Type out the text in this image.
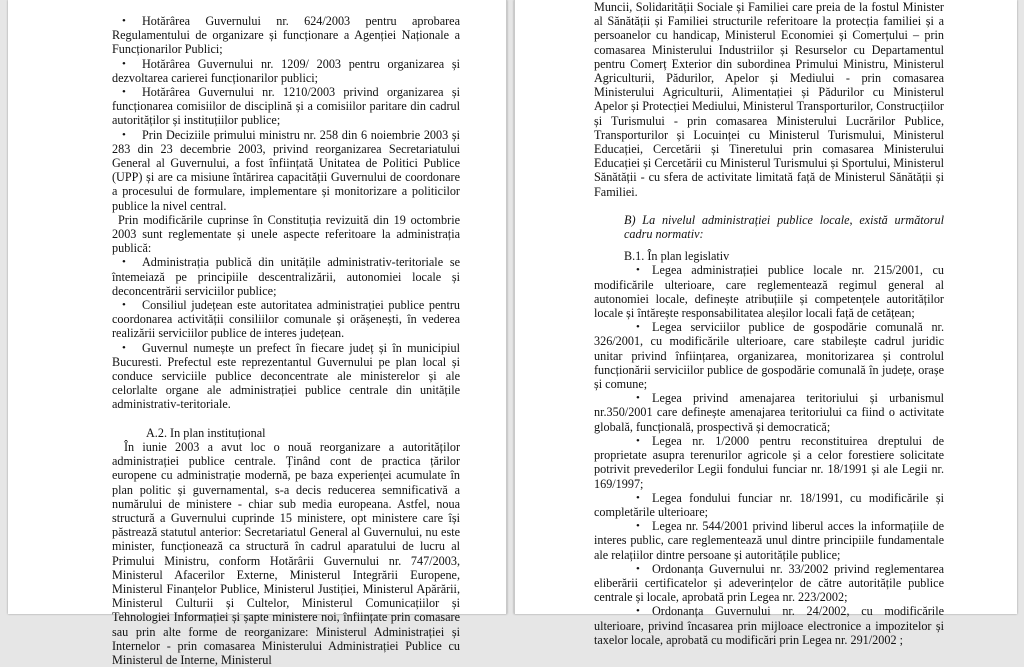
•	Hotărârea Guvernului nr. 624/2003 pentru aprobarea Regulamentului de organizare și funcționare a Agenției Naționale a Funcționarilor Publici;
•	Hotărârea Guvernului nr. 1209/ 2003 pentru organizarea și dezvoltarea carierei funcționarilor publici;
•	Hotărârea Guvernului nr. 1210/2003 privind organizarea și funcționarea comisiilor de disciplină și a comisiilor paritare din cadrul autorităților și instituțiilor publice;
•	Prin Deciziile primului ministru nr. 258 din 6 noiembrie 2003 și 283 din 23 decembrie 2003, privind reorganizarea Secretariatului General al Guvernului, a fost înființată Unitatea de Politici Publice (UPP) și are ca misiune întărirea capacității Guvernului de coordonare a procesului de formulare, implementare și monitorizare a politicilor publice la nivel central.

Prin modificările cuprinse în Constituția revizuită din 19 octombrie 2003 sunt reglementate și unele aspecte referitoare la administrația publică:

•	Administrația publică din unitățile administrativ-teritoriale se întemeiază pe principiile descentralizării, autonomiei locale și deconcentrării serviciilor publice;
•	Consiliul județean este autoritatea administrației publice pentru coordonarea activității consiliilor comunale și orășenești, în vederea realizării serviciilor publice de interes județean.
•	Guvernul numește un prefect în fiecare județ și în municipiul Bucuresti. Prefectul este reprezentantul Guvernului pe plan local și conduce serviciile publice deconcentrate ale ministerelor și ale celorlalte organe ale administrației publice centrale din unitățile administrativ-teritoriale.

A.2. In plan instituțional

În iunie 2003 a avut loc o nouă reorganizare a autorităților administrației publice centrale. Ținând cont de practica țărilor europene cu administrație modernă, pe baza experienței acumulate în plan politic și guvernamental, s-a decis reducerea semnificativă a numărului de ministere - chiar sub media europeana. Astfel, noua structură a Guvernului cuprinde 15 ministere, opt ministere care își păstrează statutul anterior: Secretariatul General al Guvernului, nu este minister, funcționează ca structură în cadrul aparatului de lucru al Primului Ministru, conform Hotărârii Guvernului nr. 747/2003, Ministerul Afacerilor Externe, Ministerul Integrării Europene, Ministerul Finanțelor Publice, Ministerul Justiției, Ministerul Apărării, Ministerul Culturii și Cultelor, Ministerul Comunicațiilor și Tehnologiei Informației și șapte ministere noi, înființate prin comasare sau prin alte forme de reorganizare: Ministerul Administrației și Internelor - prin comasarea Ministerului Administrației Publice cu Ministerul de Interne, Ministerul

Muncii, Solidarității Sociale și Familiei care preia de la fostul Minister al Sănătății și Familiei structurile referitoare la protecția familiei și a persoanelor cu handicap, Ministerul Economiei și Comerțului – prin comasarea Ministerului Industriilor și Resurselor cu Departamentul pentru Comerț Exterior din subordinea Primului Ministru, Ministerul Agriculturii, Pădurilor, Apelor și Mediului - prin comasarea Ministerului Agriculturii, Alimentației și Pădurilor cu Ministerul Apelor și Protecției Mediului, Ministerul Transporturilor, Construcțiilor și Turismului - prin comasarea Ministerului Lucrărilor Publice, Transporturilor și Locuinței cu Ministerul Turismului, Ministerul Educației, Cercetării și Tineretului prin comasarea Ministerului Educației și Cercetării cu Ministerul Turismului și Sportului, Ministerul Sănătății - cu sfera de activitate limitată față de Ministerul Sănătății și Familiei.

B) La nivelul administrației publice locale, există următorul cadru normativ:

B.1. În plan legislativ

• Legea administrației publice locale nr. 215/2001, cu modificările ulterioare, care reglementează regimul general al autonomiei locale, definește atribuțiile și competențele autorităților locale și întărește responsabilitatea aleșilor locali față de cetățean;
• Legea serviciilor publice de gospodărie comunală nr. 326/2001, cu modificările ulterioare, care stabilește cadrul juridic unitar privind înființarea, organizarea, monitorizarea și controlul funcționării serviciilor publice de gospodărie comunală în județe, orașe și comune;
• Legea privind amenajarea teritoriului și urbanismul nr.350/2001 care definește amenajarea teritoriului ca fiind o activitate globală, funcțională, prospectivă și democratică;
• Legea nr. 1/2000 pentru reconstituirea dreptului de proprietate asupra terenurilor agricole și a celor forestiere solicitate potrivit prevederilor Legii fondului funciar nr. 18/1991 și ale Legii nr. 169/1997;
• Legea fondului funciar nr. 18/1991, cu modificările și completările ulterioare;
• Legea nr. 544/2001 privind liberul acces la informațiile de interes public, care reglementează unul dintre principiile fundamentale ale relațiilor dintre persoane și autoritățile publice;
• Ordonanța Guvernului nr. 33/2002 privind reglementarea eliberării certificatelor și adeverințelor de către autoritățile publice centrale și locale, aprobată prin Legea nr. 223/2002;
• Ordonanța Guvernului nr. 24/2002, cu modificările ulterioare, privind încasarea prin mijloace electronice a impozitelor și taxelor locale, aprobată cu modificări prin Legea nr. 291/2002 ;
